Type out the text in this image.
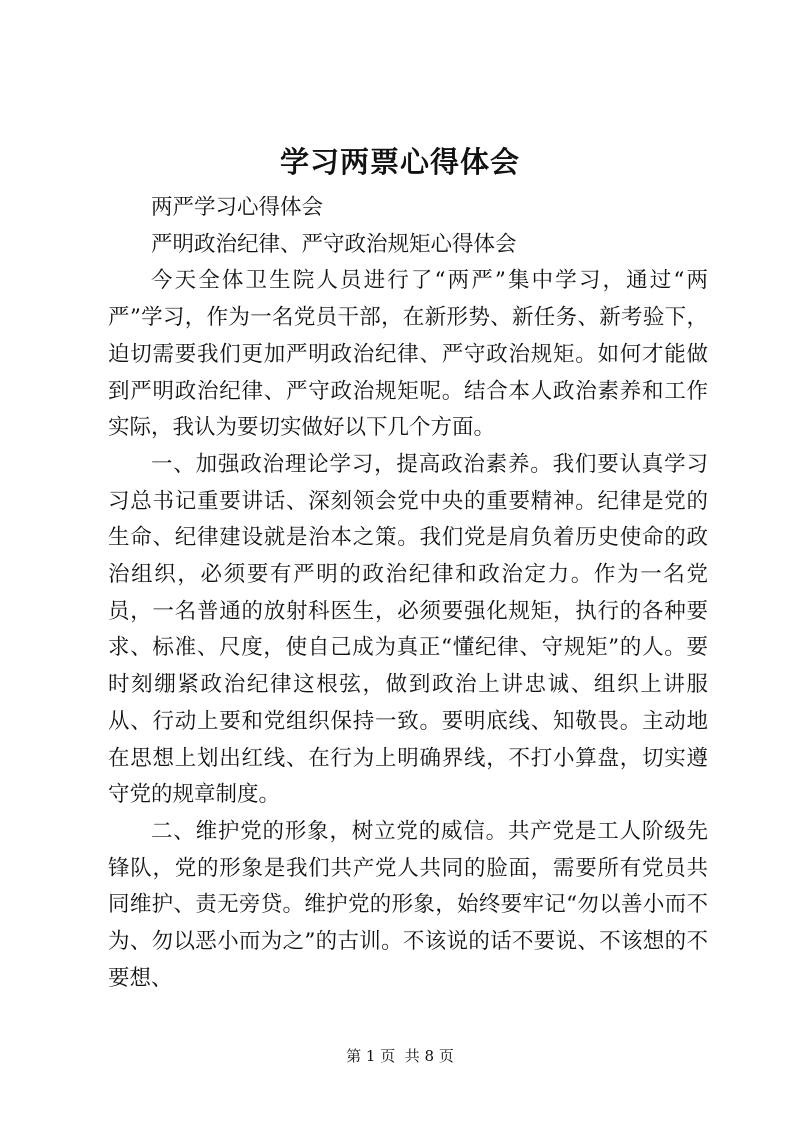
学习两票心得体会

两严学习心得体会

严明政治纪律、严守政治规矩心得体会

今天全体卫生院人员进行了“两严”集中学习，通过“两严”学习，作为一名党员干部，在新形势、新任务、新考验下，迫切需要我们更加严明政治纪律、严守政治规矩。如何才能做到严明政治纪律、严守政治规矩呢。结合本人政治素养和工作实际，我认为要切实做好以下几个方面。

一、加强政治理论学习，提高政治素养。我们要认真学习习总书记重要讲话、深刻领会党中央的重要精神。纪律是党的生命、纪律建设就是治本之策。我们党是肩负着历史使命的政治组织，必须要有严明的政治纪律和政治定力。作为一名党员，一名普通的放射科医生，必须要强化规矩，执行的各种要求、标准、尺度，使自己成为真正“懂纪律、守规矩”的人。要时刻绷紧政治纪律这根弦，做到政治上讲忠诚、组织上讲服从、行动上要和党组织保持一致。要明底线、知敬畏。主动地在思想上划出红线、在行为上明确界线，不打小算盘，切实遵守党的规章制度。

二、维护党的形象，树立党的威信。共产党是工人阶级先锋队，党的形象是我们共产党人共同的脸面，需要所有党员共同维护、责无旁贷。维护党的形象，始终要牢记“勿以善小而不为、勿以恶小而为之”的古训。不该说的话不要说、不该想的不要想、

第 1 页  共 8 页
